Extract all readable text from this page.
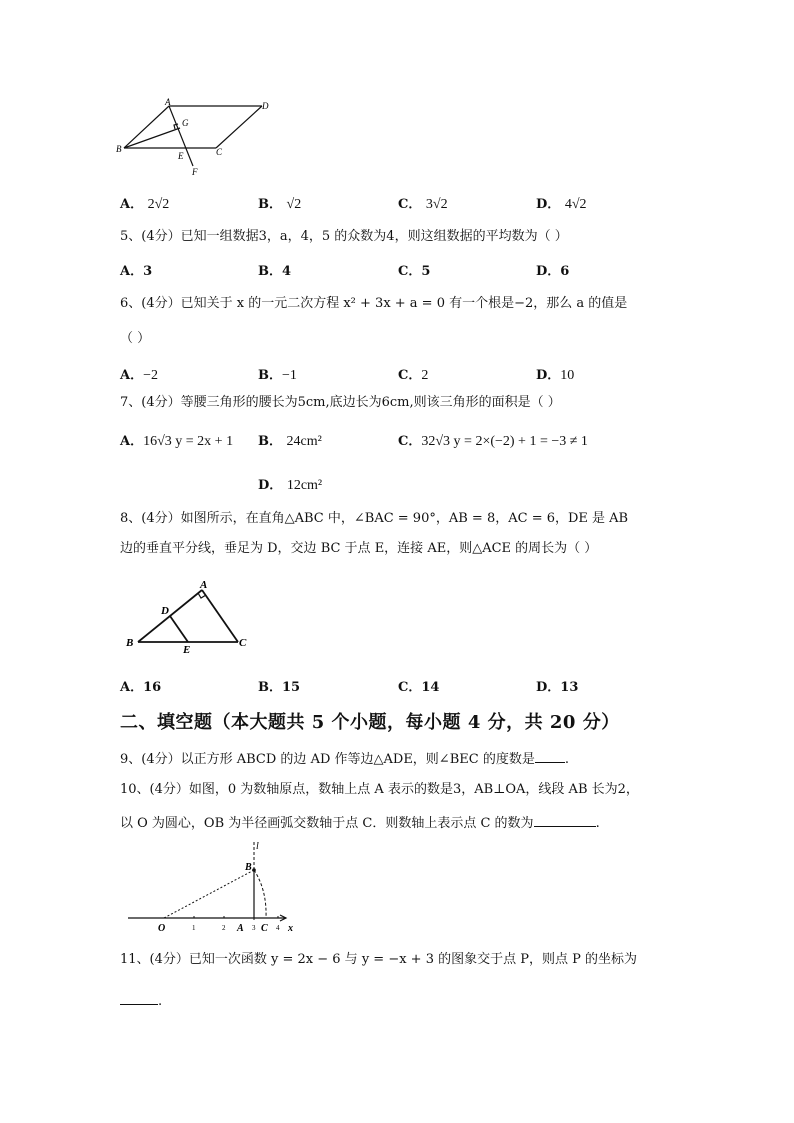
A	D
G
B
E	C
F
A． 2√2	B． √2	C． 3√2	D． 4√2
5、(4分）已知一组数据3，a，4，5 的众数为4，则这组数据的平均数为（ ）
A．3	B．4	C．5	D．6
6、(4分）已知关于 x 的一元二次方程 x² + 3x + a = 0 有一个根是−2，那么 a 的值是
（ ）
A．−2	B．−1	C．2	D．10
7、(4分）等腰三角形的腰长为5cm,底边长为6cm,则该三角形的面积是（ ）
A．16√3 y = 2x + 1 B． 24cm²	C．32√3 y = 2×(−2) + 1 = −3 ≠ 1
D． 12cm²
8、(4分）如图所示，在直角△ABC 中，∠BAC = 90°，AB = 8，AC = 6，DE 是 AB
边的垂直平分线，垂足为 D，交边 BC 于点 E，连接 AE，则△ACE 的周长为（ ）
A
D
B
E
C
A．16	B．15	C．14	D．13
二、填空题（本大题共 5 个小题，每小题 4 分，共 20 分）
9、(4分）以正方形 ABCD 的边 AD 作等边△ADE，则∠BEC 的度数是 .
10、(4分）如图，0 为数轴原点，数轴上点 A 表示的数是3，AB⊥OA，线段 AB 长为2，
以 O 为圆心，OB 为半径画弧交数轴于点 C．则数轴上表示点 C 的数为	.
l
B
O	1	2 A 3 C 4 x
11、(4分）已知一次函数 y = 2x − 6 与 y = −x + 3 的图象交于点 P，则点 P 的坐标为
.
